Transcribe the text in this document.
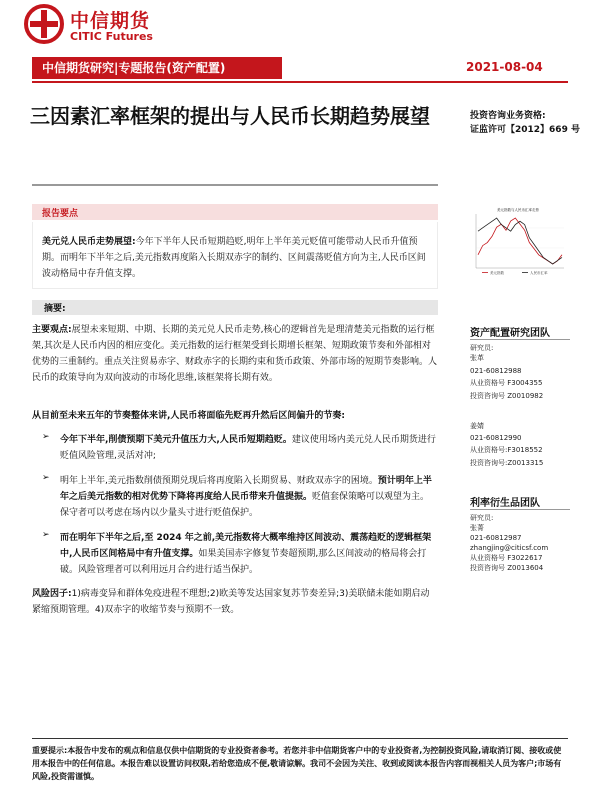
中信期货
CITIC Futures
中信期货研究|专题报告(资产配置)	2021-08-04
三因素汇率框架的提出与人民币长期趋势展望	投资咨询业务资格:
证监许可【2012】669 号
报告要点
美元兑人民币走势展望:今年下半年人民币短期趋贬,明年上半年美元贬值可能带动人民币升值预期。而明年下半年之后,美元指数再度陷入长期双赤字的制约、区间震荡贬值方向为主,人民币区间波动格局中存升值支撑。
摘要:
主要观点:展望未来短期、中期、长期的美元兑人民币走势,核心的逻辑首先是理清楚美元指数的运行框架,其次是人民币内因的相应变化。美元指数的运行框架受到长期增长框架、短期政策节奏和外部相对优势的三重制约。重点关注贸易赤字、财政赤字的长期约束和货币政策、外部市场的短期节奏影响。人民币的政策导向为双向波动的市场化思维,该框架将长期有效。
从目前至未来五年的节奏整体来讲,人民币将面临先贬再升然后区间偏升的节奏:
➢ 今年下半年,削债预期下美元升值压力大,人民币短期趋贬。建议使用场内美元兑人民币期货进行贬值风险管理,灵活对冲;
➢ 明年上半年,美元指数削债预期兑现后将再度陷入长期贸易、财政双赤字的困境。预计明年上半年之后美元指数的相对优势下降将再度给人民币带来升值提振。贬值套保策略可以观望为主。保守者可以考虑在场内以少量头寸进行贬值保护。
➢ 而在明年下半年之后,至 2024 年之前,美元指数将大概率维持区间波动、震荡趋贬的逻辑框架中,人民币区间格局中有升值支撑。如果美国赤字修复节奏超预期,那么区间波动的格局将会打破。风险管理者可以利用远月合约进行适当保护。
风险因子:1)病毒变异和群体免疫进程不理想;2)欧美等发达国家复苏节奏差异;3)美联储未能如期启动紧缩预期管理。4)双赤字的收缩节奏与预期不一致。
美元指数与人民币汇率走势
美元指数	人民币汇率
资产配置研究团队
研究员:
张革
021-60812988
从业资格号 F3004355
投资咨询号 Z0010982
姜婧
021-60812990
从业资格号:F3018552
投资咨询号:Z0013315
利率衍生品团队
研究员:
张菁
021-60812987
zhangjing@citicsf.com
从业资格号 F3022617
投资咨询号 Z0013604
重要提示:本报告中发布的观点和信息仅供中信期货的专业投资者参考。若您并非中信期货客户中的专业投资者,为控制投资风险,请取消订阅、接收或使用本报告中的任何信息。本报告难以设置访问权限,若给您造成不便,敬请谅解。我司不会因为关注、收到或阅读本报告内容而视相关人员为客户;市场有风险,投资需谨慎。
